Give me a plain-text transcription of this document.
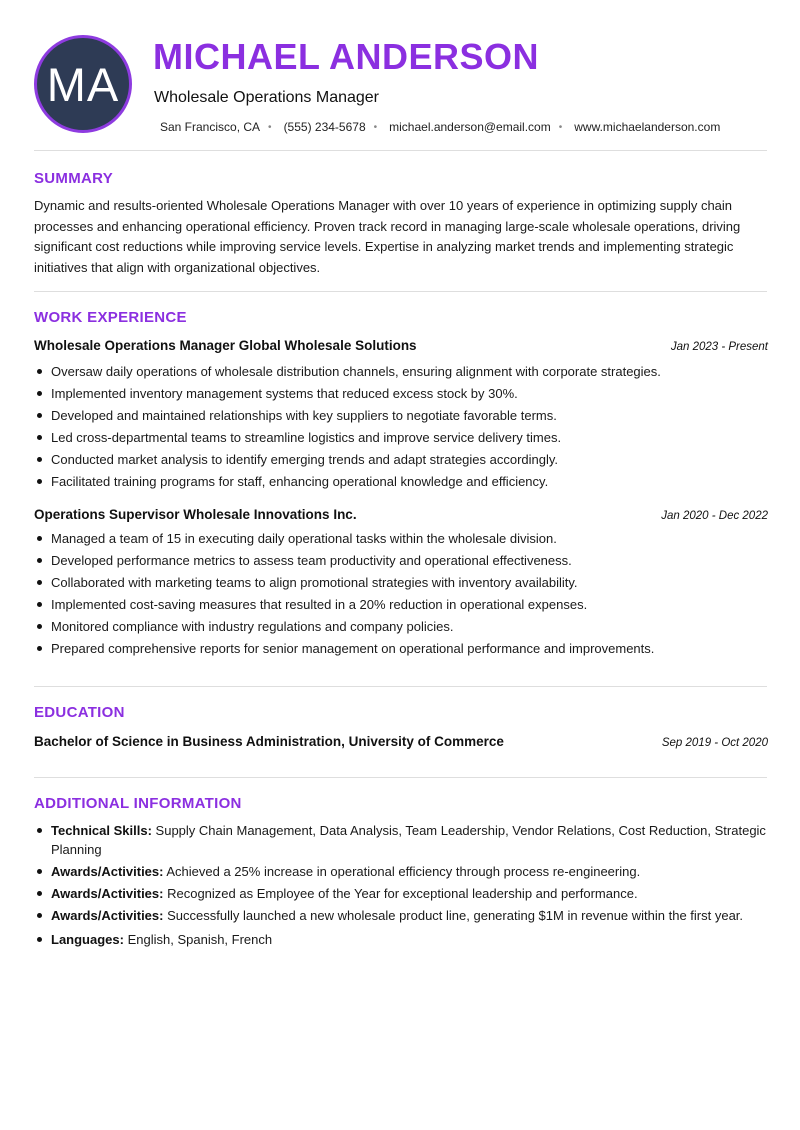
MA
MICHAEL ANDERSON
Wholesale Operations Manager
San Francisco, CA • (555) 234-5678 • michael.anderson@email.com • www.michaelanderson.com
SUMMARY

Dynamic and results-oriented Wholesale Operations Manager with over 10 years of experience in optimizing supply chain processes and enhancing operational efficiency. Proven track record in managing large-scale wholesale operations, driving significant cost reductions while improving service levels. Expertise in analyzing market trends and implementing strategic initiatives that align with organizational objectives.

WORK EXPERIENCE
Wholesale Operations Manager Global Wholesale Solutions	Jan 2023 - Present
Oversaw daily operations of wholesale distribution channels, ensuring alignment with corporate strategies.
Implemented inventory management systems that reduced excess stock by 30%.
Developed and maintained relationships with key suppliers to negotiate favorable terms.
Led cross-departmental teams to streamline logistics and improve service delivery times.
Conducted market analysis to identify emerging trends and adapt strategies accordingly.
Facilitated training programs for staff, enhancing operational knowledge and efficiency.
Operations Supervisor Wholesale Innovations Inc.	Jan 2020 - Dec 2022
Managed a team of 15 in executing daily operational tasks within the wholesale division.
Developed performance metrics to assess team productivity and operational effectiveness.
Collaborated with marketing teams to align promotional strategies with inventory availability.
Implemented cost-saving measures that resulted in a 20% reduction in operational expenses.
Monitored compliance with industry regulations and company policies.
Prepared comprehensive reports for senior management on operational performance and improvements.
EDUCATION
Bachelor of Science in Business Administration, University of Commerce	Sep 2019 - Oct 2020
ADDITIONAL INFORMATION
Technical Skills: Supply Chain Management, Data Analysis, Team Leadership, Vendor Relations, Cost Reduction, Strategic Planning
Awards/Activities: Achieved a 25% increase in operational efficiency through process re-engineering.
Awards/Activities: Recognized as Employee of the Year for exceptional leadership and performance.
Awards/Activities: Successfully launched a new wholesale product line, generating $1M in revenue within the first year.
Languages: English, Spanish, French
